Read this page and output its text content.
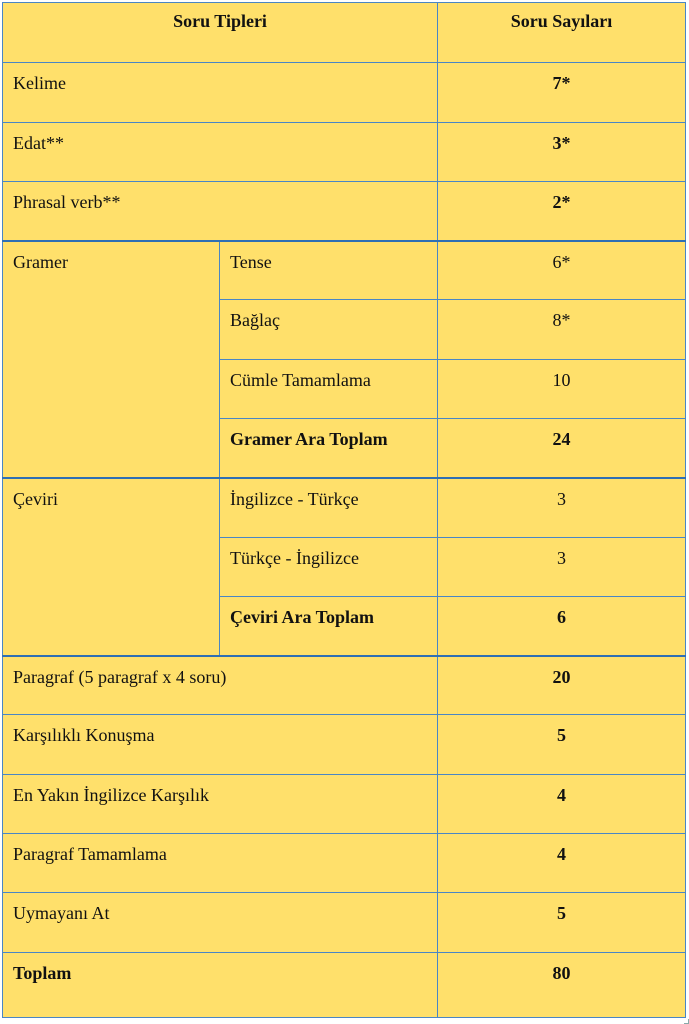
Soru Tipleri		Soru Sayıları
Kelime		7*
Edat**		3*
Phrasal verb**		2*
Gramer	Tense	6*
	Bağlaç	8*
	Cümle Tamamlama	10
	Gramer Ara Toplam	24
Çeviri	İngilizce - Türkçe	3
	Türkçe - İngilizce	3
	Çeviri Ara Toplam	6
Paragraf (5 paragraf x 4 soru)		20
Karşılıklı Konuşma		5
En Yakın İngilizce Karşılık		4
Paragraf Tamamlama		4
Uymayanı At		5
Toplam		80
